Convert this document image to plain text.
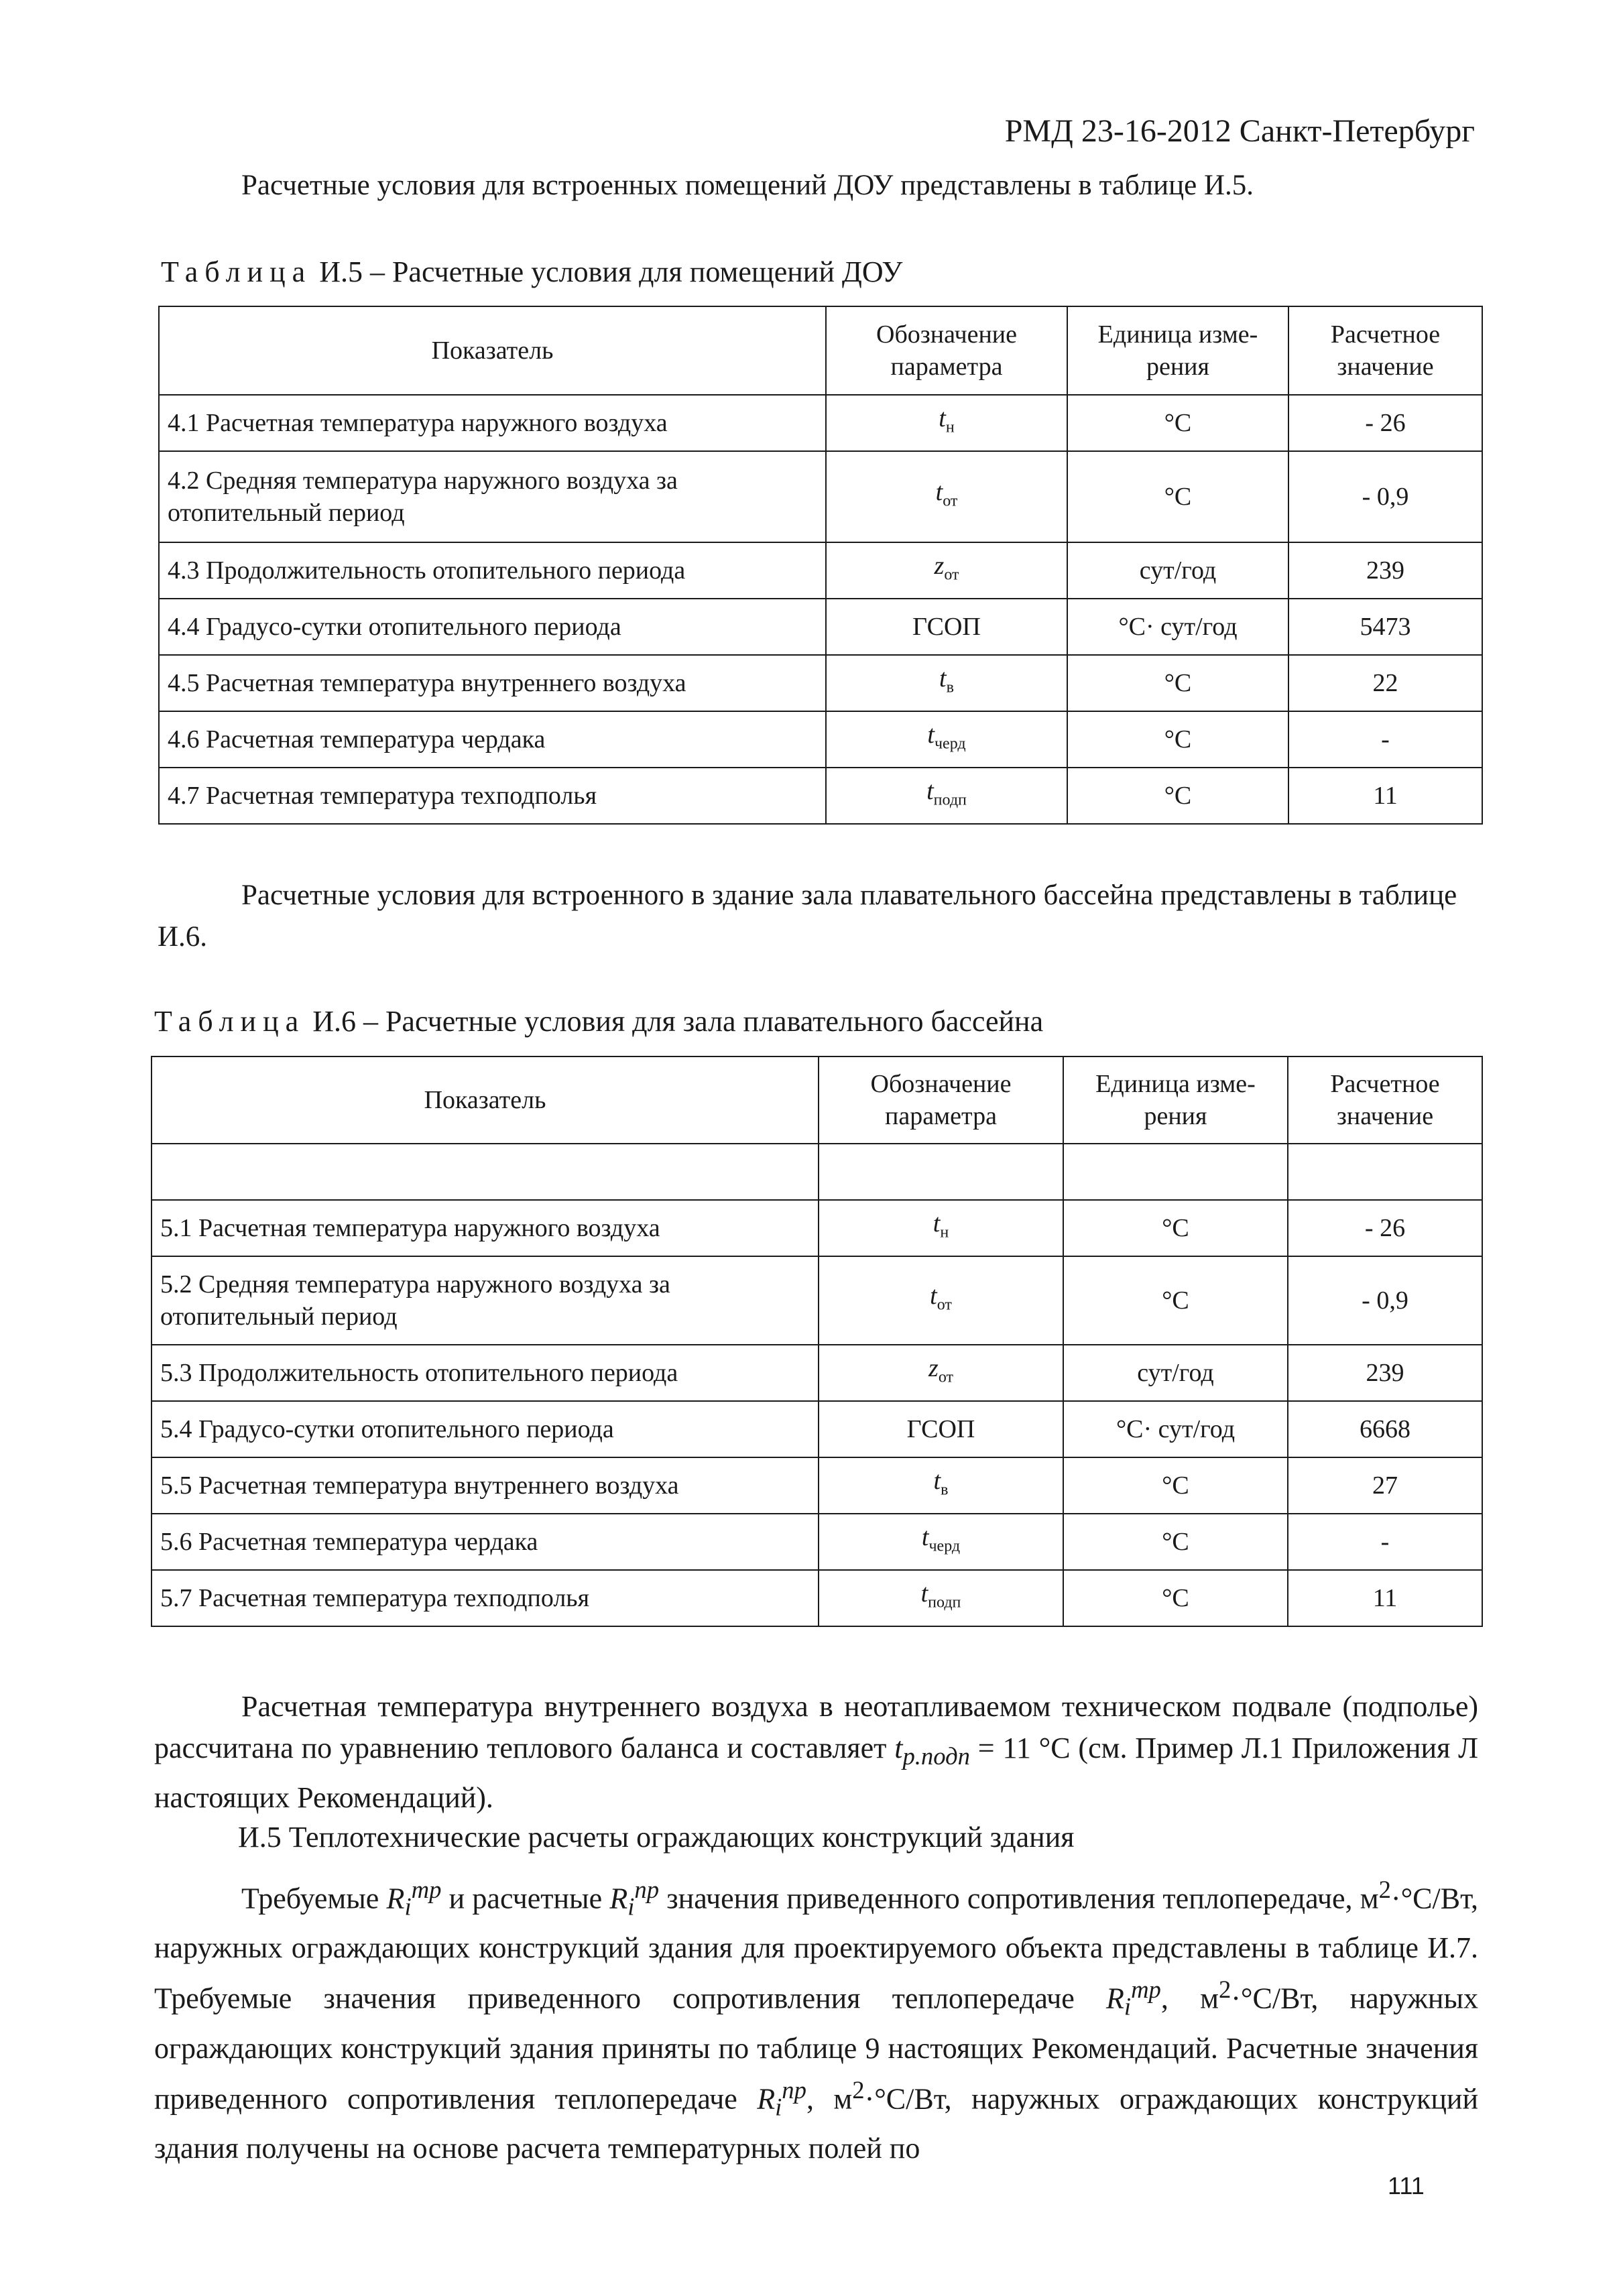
РМД 23-16-2012 Санкт-Петербург
Расчетные условия для встроенных помещений ДОУ представлены в таблице И.5.
Таблица И.5 – Расчетные условия для помещений ДОУ
Показатель	Обозначение параметра	Единица изме-рения	Расчетное значение
4.1 Расчетная температура наружного воздуха	$t_н$	°C	- 26
4.2 Средняя температура наружного воздуха за отопительный период	$t_{от}$	°C	- 0,9
4.3 Продолжительность отопительного периода	$z_{от}$	сут/год	239
4.4 Градусо-сутки отопительного периода	ГСОП	°C· сут/год	5473
4.5 Расчетная температура внутреннего воздуха	$t_в$	°C	22
4.6 Расчетная температура чердака	$t_{черд}$	°C	-
4.7 Расчетная температура техподполья	$t_{подп}$	°C	11
Расчетные условия для встроенного в здание зала плавательного бассейна представлены в таблице И.6.
Таблица И.6 – Расчетные условия для зала плавательного бассейна
Показатель	Обозначение параметра	Единица изме-рения	Расчетное значение

5.1 Расчетная температура наружного воздуха	$t_н$	°C	- 26
5.2 Средняя температура наружного воздуха за отопительный период	$t_{от}$	°C	- 0,9
5.3 Продолжительность отопительного периода	$z_{от}$	сут/год	239
5.4 Градусо-сутки отопительного периода	ГСОП	°C· сут/год	6668
5.5 Расчетная температура внутреннего воздуха	$t_в$	°C	27
5.6 Расчетная температура чердака	$t_{черд}$	°C	-
5.7 Расчетная температура техподполья	$t_{подп}$	°C	11
Расчетная температура внутреннего воздуха в неотапливаемом техническом подвале (подполье) рассчитана по уравнению теплового баланса и составляет $t_{р.подп} = 11$ °С (см. Пример Л.1 Приложения Л настоящих Рекомендаций).
И.5 Теплотехнические расчеты ограждающих конструкций здания
Требуемые $R_i^{тр}$ и расчетные $R_i^{пр}$ значения приведенного сопротивления теплопередаче, $м^2\cdot^\circ С/Вт$, наружных ограждающих конструкций здания для проектируемого объекта представлены в таблице И.7. Требуемые значения приведенного сопротивления теплопередаче $R_i^{тр}$, $м^2\cdot^\circ С/Вт$, наружных ограждающих конструкций здания приняты по таблице 9 настоящих Рекомендаций. Расчетные значения приведенного сопротивления теплопередаче $R_i^{пр}$, $м^2\cdot^\circ С/Вт$, наружных ограждающих конструкций здания получены на основе расчета температурных полей по
111
